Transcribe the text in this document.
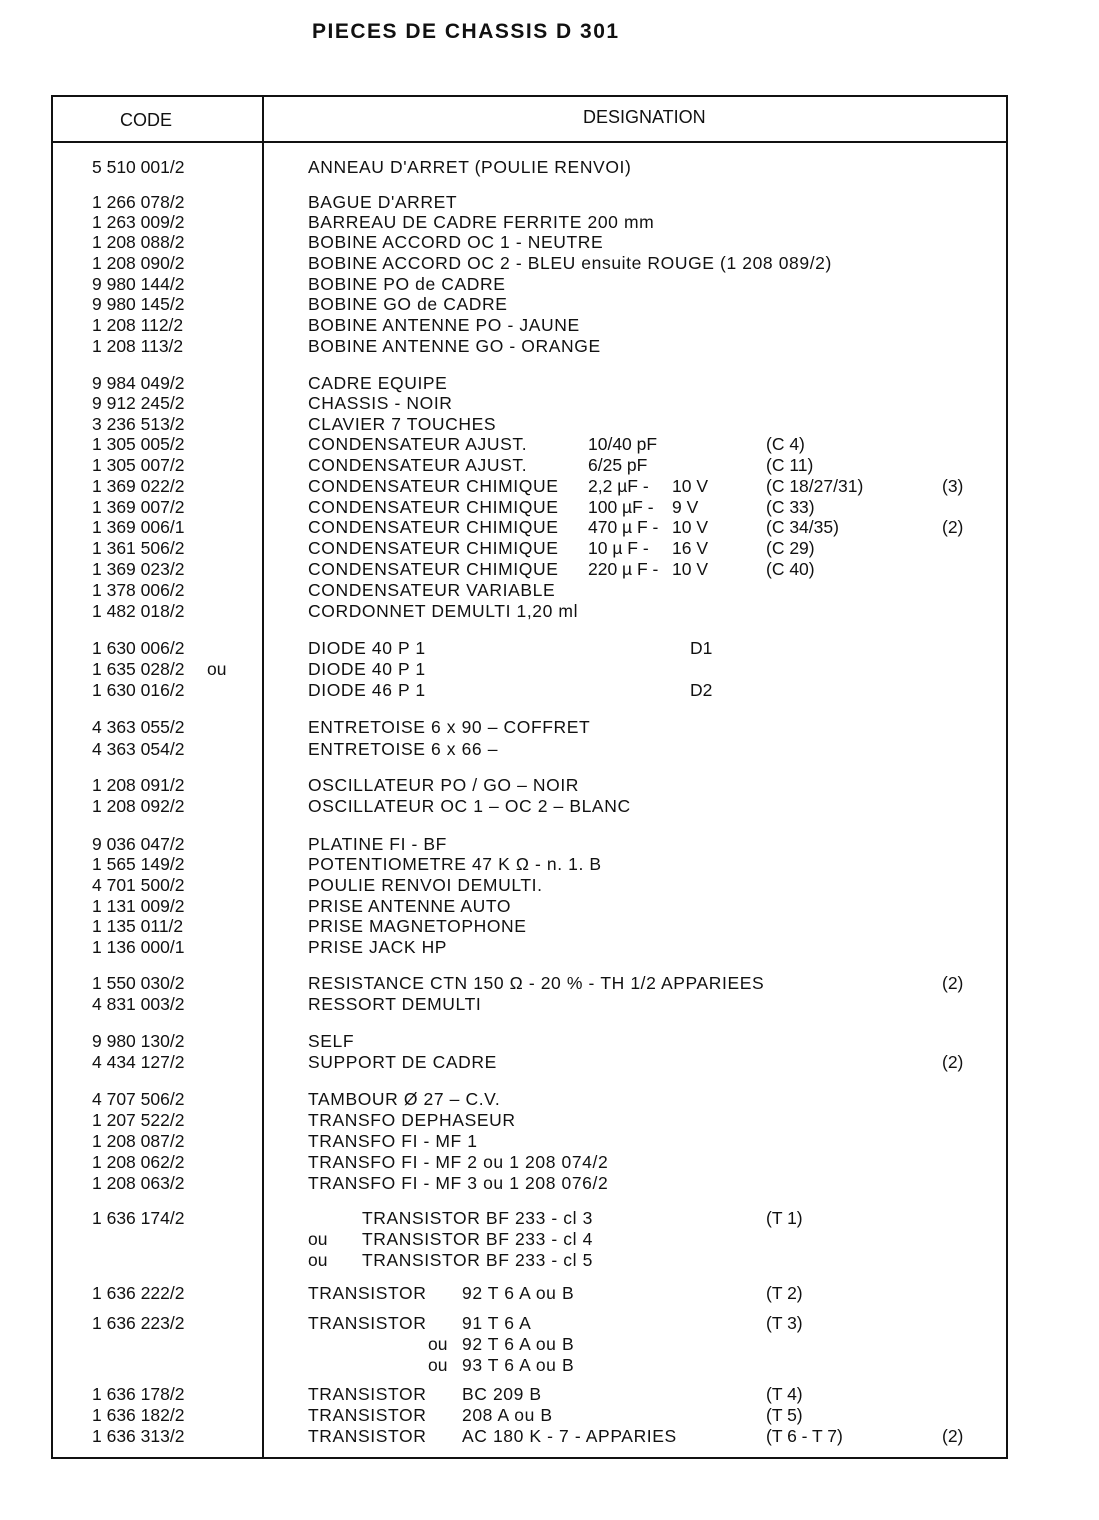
PIECES DE CHASSIS D 301
CODE	DESIGNATION
5 510 001/2	ANNEAU D'ARRET (POULIE RENVOI)
1 266 078/2	BAGUE D'ARRET
1 263 009/2	BARREAU DE CADRE FERRITE 200 mm
1 208 088/2	BOBINE ACCORD OC 1 - NEUTRE
1 208 090/2	BOBINE ACCORD OC 2 - BLEU ensuite ROUGE (1 208 089/2)
9 980 144/2	BOBINE PO de CADRE
9 980 145/2	BOBINE GO de CADRE
1 208 112/2	BOBINE ANTENNE PO - JAUNE
1 208 113/2	BOBINE ANTENNE GO - ORANGE
9 984 049/2	CADRE EQUIPE
9 912 245/2	CHASSIS - NOIR
3 236 513/2	CLAVIER 7 TOUCHES
1 305 005/2	CONDENSATEUR AJUST.	10/40 pF	(C 4)
1 305 007/2	CONDENSATEUR AJUST.	6/25 pF	(C 11)
1 369 022/2	CONDENSATEUR CHIMIQUE 2,2 µF - 10 V	(C 18/27/31)	(3)
1 369 007/2	CONDENSATEUR CHIMIQUE 100 µF - 9 V	(C 33)
1 369 006/1	CONDENSATEUR CHIMIQUE 470 µ F - 10 V	(C 34/35)	(2)
1 361 506/2	CONDENSATEUR CHIMIQUE 10 µ F - 16 V	(C 29)
1 369 023/2	CONDENSATEUR CHIMIQUE 220 µ F - 10 V	(C 40)
1 378 006/2	CONDENSATEUR VARIABLE
1 482 018/2	CORDONNET DEMULTI 1,20 ml
1 630 006/2	DIODE 40 P 1	D1
1 635 028/2 ou	DIODE 40 P 1
1 630 016/2	DIODE 46 P 1	D2
4 363 055/2	ENTRETOISE 6 x 90 – COFFRET
4 363 054/2	ENTRETOISE 6 x 66 –
1 208 091/2	OSCILLATEUR PO / GO – NOIR
1 208 092/2	OSCILLATEUR OC 1 – OC 2 – BLANC
9 036 047/2	PLATINE FI - BF
1 565 149/2	POTENTIOMETRE 47 K Ω - n. 1. B
4 701 500/2	POULIE RENVOI DEMULTI.
1 131 009/2	PRISE ANTENNE AUTO
1 135 011/2	PRISE MAGNETOPHONE
1 136 000/1	PRISE JACK HP
1 550 030/2	RESISTANCE CTN 150 Ω - 20 % - TH 1/2 APPARIEES	(2)
4 831 003/2	RESSORT DEMULTI
9 980 130/2	SELF
4 434 127/2	SUPPORT DE CADRE	(2)
4 707 506/2	TAMBOUR Ø 27 – C.V.
1 207 522/2	TRANSFO DEPHASEUR
1 208 087/2	TRANSFO FI - MF 1
1 208 062/2	TRANSFO FI - MF 2 ou 1 208 074/2
1 208 063/2	TRANSFO FI - MF 3 ou 1 208 076/2
1 636 174/2	TRANSISTOR BF 233 - cl 3	(T 1)
ou TRANSISTOR BF 233 - cl 4
ou TRANSISTOR BF 233 - cl 5
1 636 222/2	TRANSISTOR 92 T 6 A ou B	(T 2)
1 636 223/2	TRANSISTOR 91 T 6 A	(T 3)
ou 92 T 6 A ou B
ou 93 T 6 A ou B
1 636 178/2	TRANSISTOR BC 209 B	(T 4)
1 636 182/2	TRANSISTOR 208 A ou B	(T 5)
1 636 313/2	TRANSISTOR AC 180 K - 7 - APPARIES	(T 6 - T 7)	(2)
